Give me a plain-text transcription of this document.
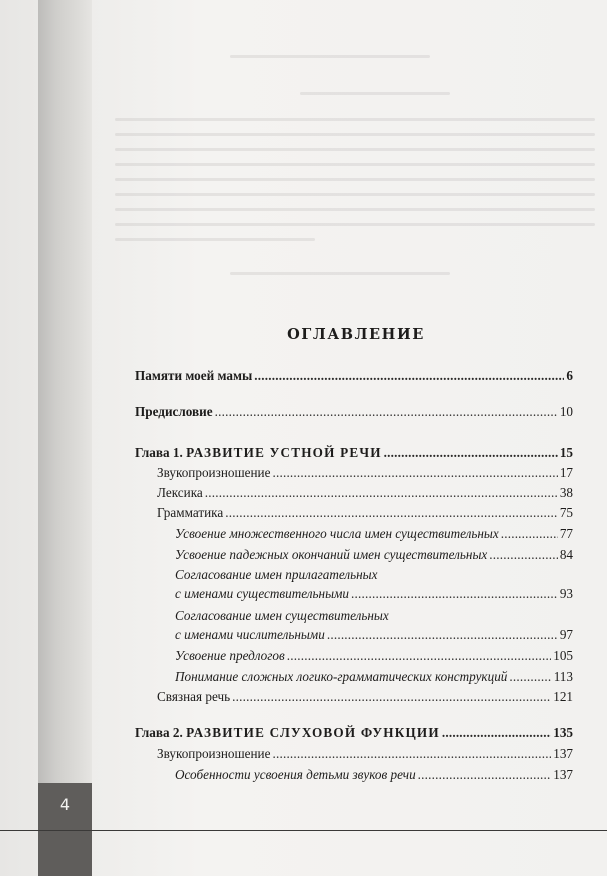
ОГЛАВЛЕНИЕ
Памяти моей мамы .....	6
Предисловие .....	10
Глава 1. РАЗВИТИЕ УСТНОЙ РЕЧИ .....	15
Звукопроизношение .....	17
Лексика .....	38
Грамматика .....	75
Усвоение множественного числа имен существительных .....	77
Усвоение падежных окончаний имен существительных .....	84
Согласование имен прилагательных
с именами существительными .....	93
Согласование имен существительных
с именами числительными .....	97
Усвоение предлогов .....	105
Понимание сложных логико-грамматических конструкций .....	113
Связная речь .....	121
Глава 2. РАЗВИТИЕ СЛУХОВОЙ ФУНКЦИИ .....	135
Звукопроизношение .....	137
Особенности усвоения детьми звуков речи .....	137
4
